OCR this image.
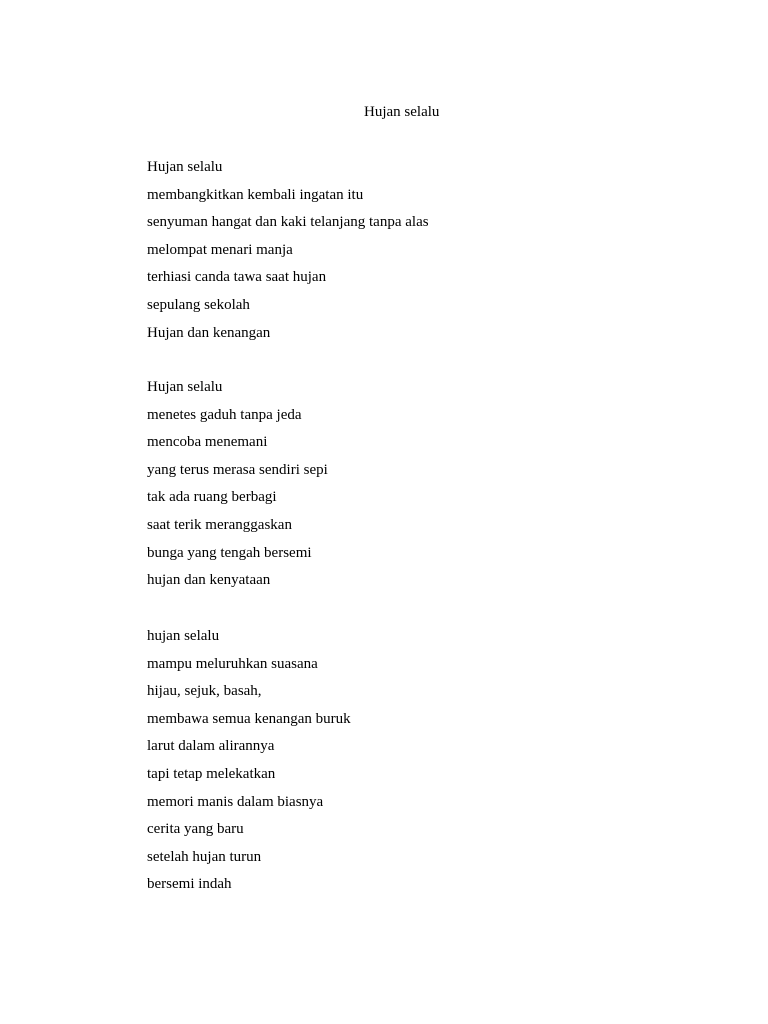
Hujan selalu
Hujan selalu
membangkitkan kembali ingatan itu
senyuman hangat dan kaki telanjang tanpa alas
melompat menari manja
terhiasi canda tawa saat hujan
sepulang sekolah
Hujan dan kenangan
Hujan selalu
menetes gaduh tanpa jeda
mencoba menemani
yang terus merasa sendiri sepi
tak ada ruang berbagi
saat terik meranggaskan
bunga yang tengah bersemi
hujan dan kenyataan
hujan selalu
mampu meluruhkan suasana
hijau, sejuk, basah,
membawa semua kenangan buruk
larut dalam alirannya
tapi tetap melekatkan
memori manis dalam biasnya
cerita yang baru
setelah hujan turun
bersemi indah
